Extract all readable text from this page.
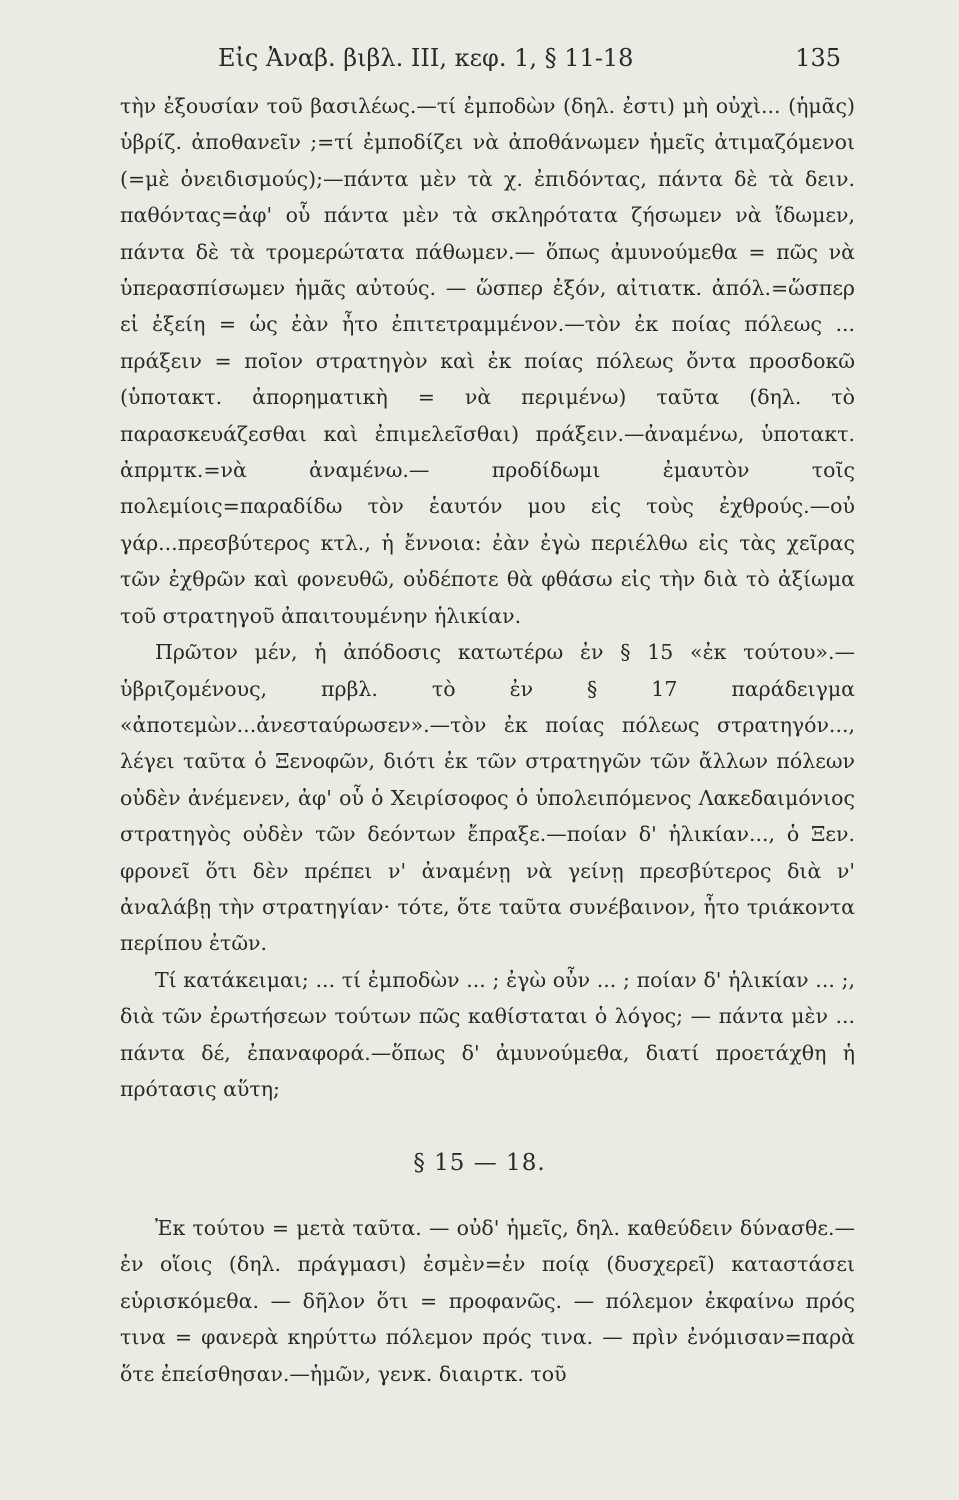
Εἰς Ἀναβ. βιβλ. ΙΙΙ, κεφ. 1, § 11-18	135

τὴν ἐξουσίαν τοῦ βασιλέως.—τί ἐμποδὼν (δηλ. ἐστι) μὴ οὐχὶ... (ἡμᾶς) ὑβρίζ. ἀποθανεῖν ;=τί ἐμποδίζει νὰ ἀποθάνωμεν ἡμεῖς ἀτιμαζόμενοι (=μὲ ὀνειδισμούς);—πάντα μὲν τὰ χ. ἐπιδόντας, πάντα δὲ τὰ δειν. παθόντας=ἀφ' οὗ πάντα μὲν τὰ σκληρότατα ζήσωμεν νὰ ἴδωμεν, πάντα δὲ τὰ τρομερώτατα πάθωμεν.— ὅπως ἀμυνούμεθα = πῶς νὰ ὑπερασπίσωμεν ἡμᾶς αὐτούς. — ὥσπερ ἐξόν, αἰτιατκ. ἀπόλ.=ὥσπερ εἰ ἐξείη = ὡς ἐὰν ἦτο ἐπιτετραμμένον.—τὸν ἐκ ποίας πόλεως ... πράξειν = ποῖον στρατηγὸν καὶ ἐκ ποίας πόλεως ὄντα προσδοκῶ (ὑποτακτ. ἀπορηματικὴ = νὰ περιμένω) ταῦτα (δηλ. τὸ παρασκευάζεσθαι καὶ ἐπιμελεῖσθαι) πράξειν.—ἀναμένω, ὑποτακτ. ἀπρμτκ.=νὰ ἀναμένω.— προδίδωμι ἐμαυτὸν τοῖς πολεμίοις=παραδίδω τὸν ἑαυτόν μου εἰς τοὺς ἐχθρούς.—οὐ γάρ...πρεσβύτερος κτλ., ἡ ἔννοια: ἐὰν ἐγὼ περιέλθω εἰς τὰς χεῖρας τῶν ἐχθρῶν καὶ φονευθῶ, οὐδέποτε θὰ φθάσω εἰς τὴν διὰ τὸ ἀξίωμα τοῦ στρατηγοῦ ἀπαιτουμένην ἡλικίαν.

Πρῶτον μέν, ἡ ἀπόδοσις κατωτέρω ἐν § 15 «ἐκ τούτου».— ὑβριζομένους, πρβλ. τὸ ἐν § 17 παράδειγμα «ἀποτεμὼν...ἀνεσταύρωσεν».—τὸν ἐκ ποίας πόλεως στρατηγόν..., λέγει ταῦτα ὁ Ξενοφῶν, διότι ἐκ τῶν στρατηγῶν τῶν ἄλλων πόλεων οὐδὲν ἀνέμενεν, ἀφ' οὗ ὁ Χειρίσοφος ὁ ὑπολειπόμενος Λακεδαιμόνιος στρατηγὸς οὐδὲν τῶν δεόντων ἔπραξε.—ποίαν δ' ἡλικίαν..., ὁ Ξεν. φρονεῖ ὅτι δὲν πρέπει ν' ἀναμένῃ νὰ γείνῃ πρεσβύτερος διὰ ν' ἀναλάβῃ τὴν στρατηγίαν· τότε, ὅτε ταῦτα συνέβαινον, ἦτο τριάκοντα περίπου ἐτῶν.

Τί κατάκειμαι; ... τί ἐμποδὼν ... ; ἐγὼ οὖν ... ; ποίαν δ' ἡλικίαν ... ;, διὰ τῶν ἐρωτήσεων τούτων πῶς καθίσταται ὁ λόγος; — πάντα μὲν ... πάντα δέ, ἐπαναφορά.—ὅπως δ' ἀμυνούμεθα, διατί προετάχθη ἡ πρότασις αὕτη;

§ 15 — 18.

Ἐκ τούτου = μετὰ ταῦτα. — οὐδ' ἡμεῖς, δηλ. καθεύδειν δύνασθε.—ἐν οἵοις (δηλ. πράγμασι) ἐσμὲν=ἐν ποίᾳ (δυσχερεῖ) καταστάσει εὑρισκόμεθα. — δῆλον ὅτι = προφανῶς. — πόλεμον ἐκφαίνω πρός τινα = φανερὰ κηρύττω πόλεμον πρός τινα. — πρὶν ἐνόμισαν=παρὰ ὅτε ἐπείσθησαν.—ἡμῶν, γενκ. διαιρτκ. τοῦ
